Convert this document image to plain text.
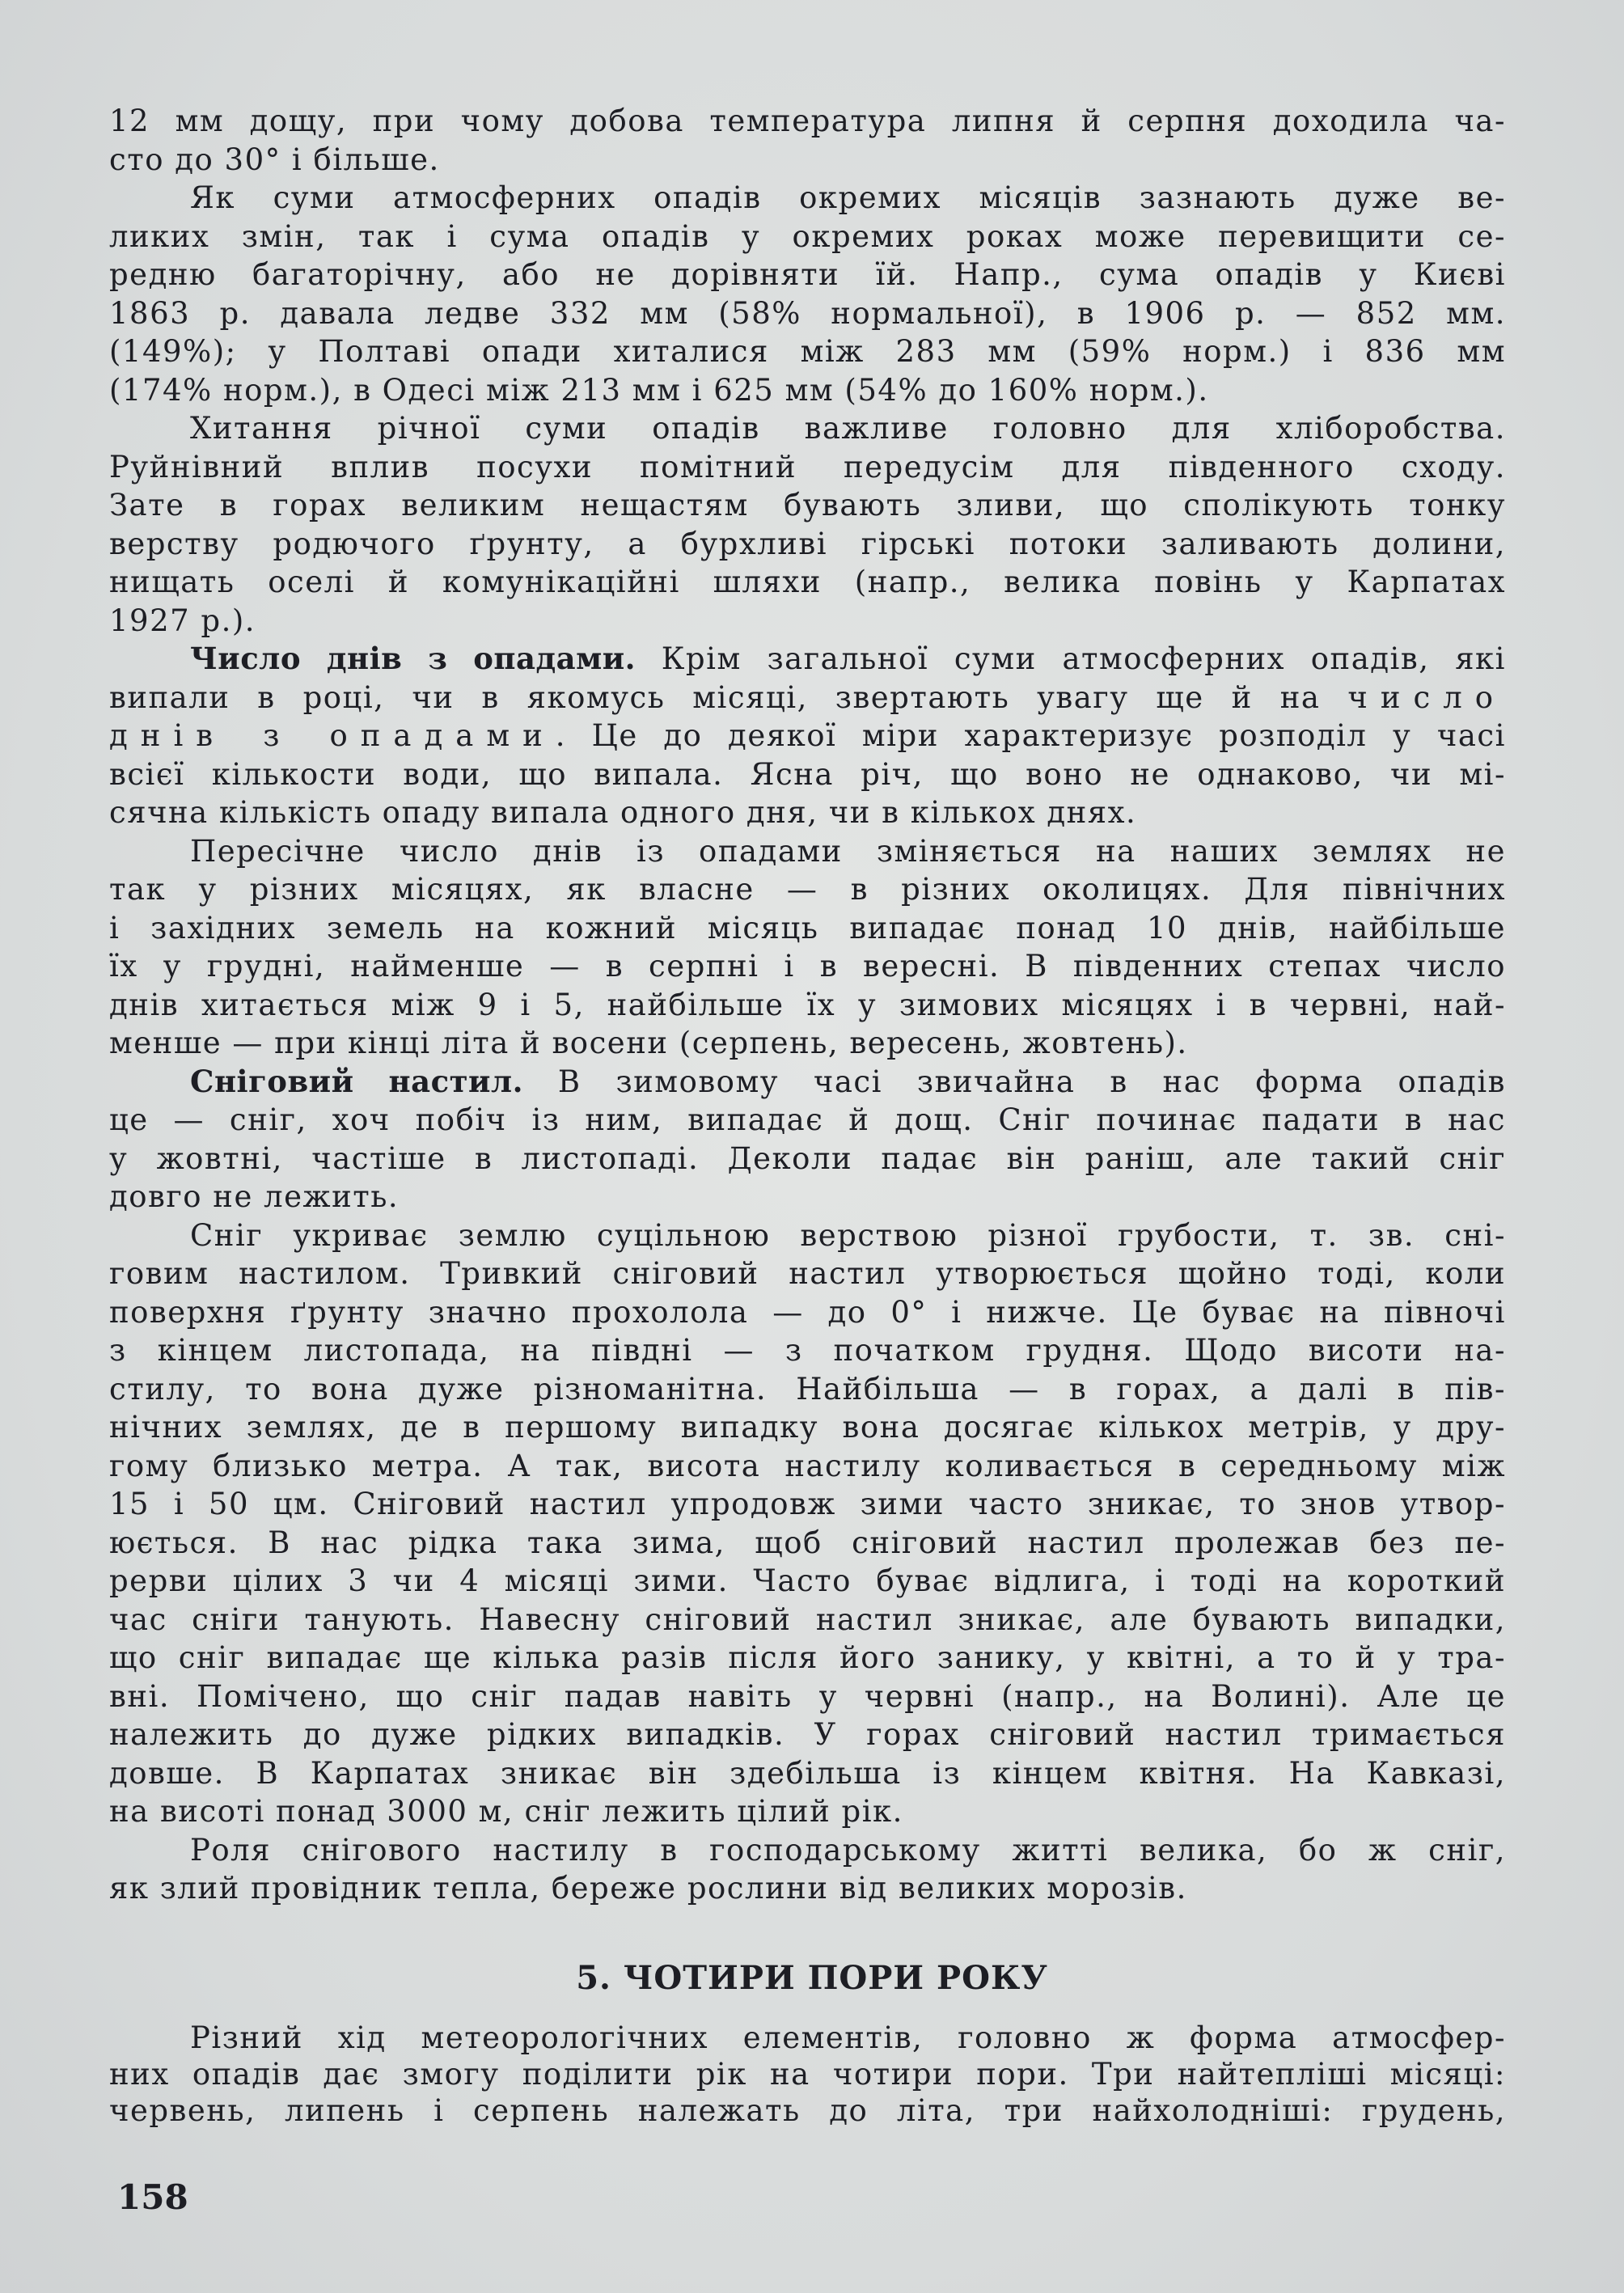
12 мм дощу, при чому добова температура липня й серпня доходила ча-
сто до 30° і більше.
Як суми атмосферних опадів окремих місяців зазнають дуже ве-
ликих змін, так і сума опадів у окремих роках може перевищити се-
редню багаторічну, або не дорівняти їй. Напр., сума опадів у Києві
1863 р. давала ледве 332 мм (58% нормальної), в 1906 р. — 852 мм.
(149%); у Полтаві опади хиталися між 283 мм (59% норм.) і 836 мм
(174% норм.), в Одесі між 213 мм і 625 мм (54% до 160% норм.).
Хитання річної суми опадів важливе головно для хліборобства.
Руйнівний вплив посухи помітний передусім для південного сходу.
Зате в горах великим нещастям бувають зливи, що сполікують тонку
верству родючого ґрунту, а бурхливі гірські потоки заливають долини,
нищать оселі й комунікаційні шляхи (напр., велика повінь у Карпатах
1927 р.).
Число днів з опадами. Крім загальної суми атмосферних опадів, які
випали в році, чи в якомусь місяці, звертають увагу ще й на число
днів з опадами. Це до деякої міри характеризує розподіл у часі
всієї кількости води, що випала. Ясна річ, що воно не однаково, чи мі-
сячна кількість опаду випала одного дня, чи в кількох днях.
Пересічне число днів із опадами зміняється на наших землях не
так у різних місяцях, як власне — в різних околицях. Для північних
і західних земель на кожний місяць випадає понад 10 днів, найбільше
їх у грудні, найменше — в серпні і в вересні. В південних степах число
днів хитається між 9 і 5, найбільше їх у зимових місяцях і в червні, най-
менше — при кінці літа й восени (серпень, вересень, жовтень).
Сніговий настил. В зимовому часі звичайна в нас форма опадів
це — сніг, хоч побіч із ним, випадає й дощ. Сніг починає падати в нас
у жовтні, частіше в листопаді. Деколи падає він раніш, але такий сніг
довго не лежить.
Сніг укриває землю суцільною верствою різної грубости, т. зв. сні-
говим настилом. Тривкий сніговий настил утворюється щойно тоді, коли
поверхня ґрунту значно прохолола — до 0° і нижче. Це буває на півночі
з кінцем листопада, на півдні — з початком грудня. Щодо висоти на-
стилу, то вона дуже різноманітна. Найбільша — в горах, а далі в пів-
нічних землях, де в першому випадку вона досягає кількох метрів, у дру-
гому близько метра. А так, висота настилу коливається в середньому між
15 і 50 цм. Сніговий настил упродовж зими часто зникає, то знов утвор-
юється. В нас рідка така зима, щоб сніговий настил пролежав без пе-
рерви цілих 3 чи 4 місяці зими. Часто буває відлига, і тоді на короткий
час сніги танують. Навесну сніговий настил зникає, але бувають випадки,
що сніг випадає ще кілька разів після його занику, у квітні, а то й у тра-
вні. Помічено, що сніг падав навіть у червні (напр., на Волині). Але це
належить до дуже рідких випадків. У горах сніговий настил тримається
довше. В Карпатах зникає він здебільша із кінцем квітня. На Кавказі,
на висоті понад 3000 м, сніг лежить цілий рік.
Роля снігового настилу в господарському житті велика, бо ж сніг,
як злий провідник тепла, береже рослини від великих морозів.
5. ЧОТИРИ ПОРИ РОКУ
Різний хід метеорологічних елементів, головно ж форма атмосфер-
них опадів дає змогу поділити рік на чотири пори. Три найтепліші місяці:
червень, липень і серпень належать до літа, три найхолодніші: грудень,
158
